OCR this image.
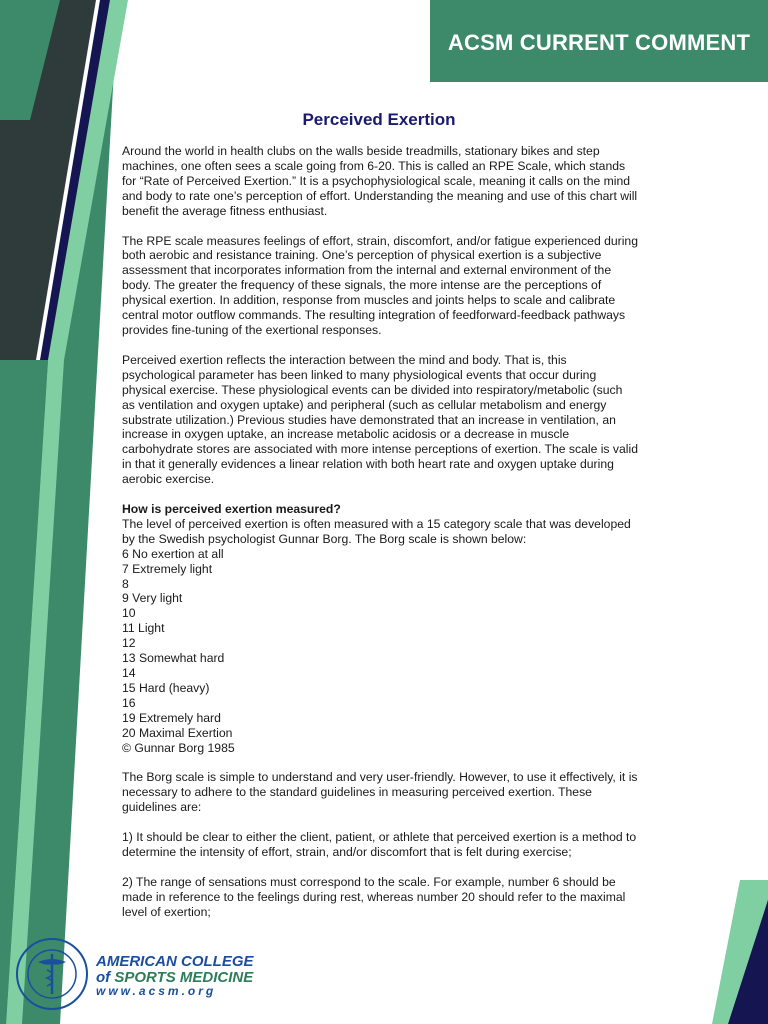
ACSM CURRENT COMMENT
Perceived Exertion

Around the world in health clubs on the walls beside treadmills, stationary bikes and step machines, one often sees a scale going from 6-20. This is called an RPE Scale, which stands for “Rate of Perceived Exertion.” It is a psychophysiological scale, meaning it calls on the mind and body to rate one’s perception of effort. Understanding the meaning and use of this chart will benefit the average fitness enthusiast.

The RPE scale measures feelings of effort, strain, discomfort, and/or fatigue experienced during both aerobic and resistance training. One’s perception of physical exertion is a subjective assessment that incorporates information from the internal and external environment of the body. The greater the frequency of these signals, the more intense are the perceptions of physical exertion. In addition, response from muscles and joints helps to scale and calibrate central motor outflow commands. The resulting integration of feedforward-feedback pathways provides fine-tuning of the exertional responses.

Perceived exertion reflects the interaction between the mind and body. That is, this psychological parameter has been linked to many physiological events that occur during physical exercise. These physiological events can be divided into respiratory/metabolic (such as ventilation and oxygen uptake) and peripheral (such as cellular metabolism and energy substrate utilization.) Previous studies have demonstrated that an increase in ventilation, an increase in oxygen uptake, an increase metabolic acidosis or a decrease in muscle carbohydrate stores are associated with more intense perceptions of exertion. The scale is valid in that it generally evidences a linear relation with both heart rate and oxygen uptake during aerobic exercise.

How is perceived exertion measured?

The level of perceived exertion is often measured with a 15 category scale that was developed by the Swedish psychologist Gunnar Borg. The Borg scale is shown below:

6 No exertion at all

7 Extremely light

8

9 Very light

10

11 Light

12

13 Somewhat hard

14

15 Hard (heavy)

16

19 Extremely hard

20 Maximal Exertion

© Gunnar Borg 1985

The Borg scale is simple to understand and very user-friendly. However, to use it effectively, it is necessary to adhere to the standard guidelines in measuring perceived exertion. These guidelines are:

1) It should be clear to either the client, patient, or athlete that perceived exertion is a method to determine the intensity of effort, strain, and/or discomfort that is felt during exercise;

2) The range of sensations must correspond to the scale. For example, number 6 should be made in reference to the feelings during rest, whereas number 20 should refer to the maximal level of exertion;

AMERICAN COLLEGE
of SPORTS MEDICINE
www.acsm.org
